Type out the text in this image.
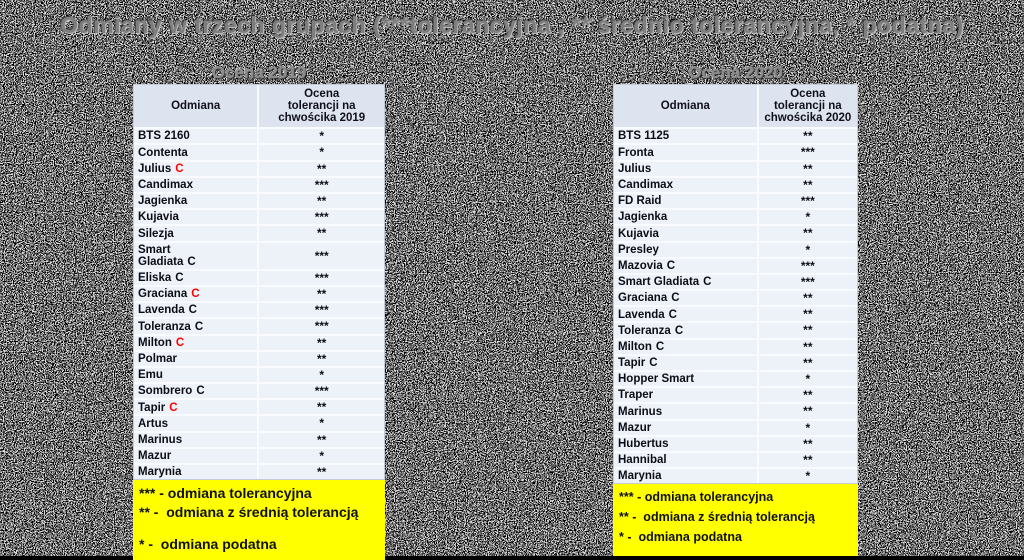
Odmiany w trzech grupach (***tolerancyjna , ** średnio tolerancyjna, * podatna)
Ocena 2019
Odmiana	Ocena tolerancji na chwościka 2019
BTS 2160	*
Contenta	*
Julius C	**
Candimax	***
Jagienka	**
Kujavia	***
Silezja	**
Smart Gladiata C	***
Eliska C	***
Graciana C	**
Lavenda C	***
Toleranza C	***
Milton C	**
Polmar	**
Emu	*
Sombrero C	***
Tapir C	**
Artus	*
Marinus	**
Mazur	*
Marynia	**
*** - odmiana tolerancyjna
** -  odmiana z średnią tolerancją
* -  odmiana podatna
Ocena 2020
Odmiana	Ocena tolerancji na chwościka 2020
BTS 1125	**
Fronta	***
Julius	**
Candimax	**
FD Raid	***
Jagienka	*
Kujavia	**
Presley	*
Mazovia C	***
Smart Gladiata C	***
Graciana C	**
Lavenda C	**
Toleranza C	**
Milton C	**
Tapir C	**
Hopper Smart	*
Traper	**
Marinus	**
Mazur	*
Hubertus	**
Hannibal	**
Marynia	*
*** - odmiana tolerancyjna
** -  odmiana z średnią tolerancją
* -  odmiana podatna
